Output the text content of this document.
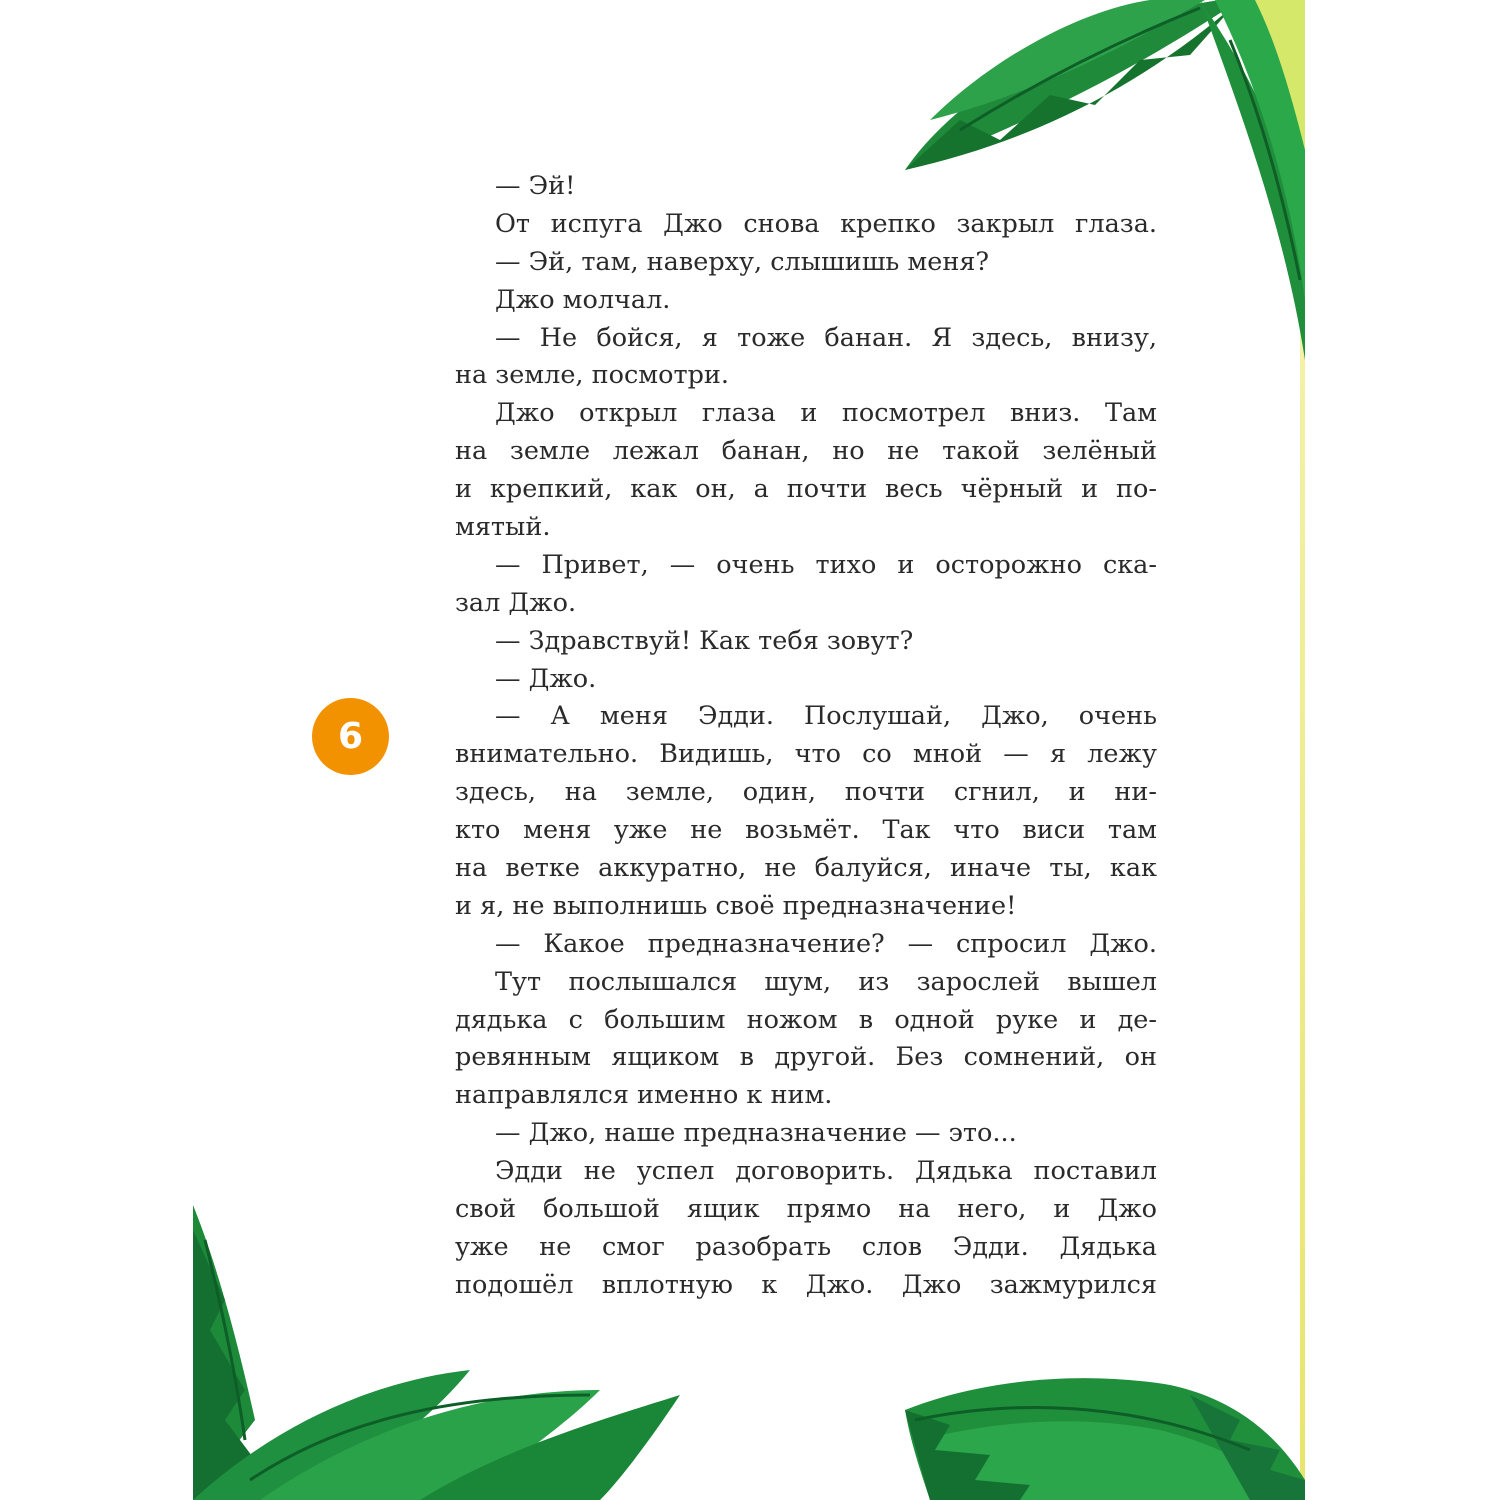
— Эй!
От испуга Джо снова крепко закрыл глаза.
— Эй, там, наверху, слышишь меня?
Джо молчал.
— Не бойся, я тоже банан. Я здесь, внизу,
на земле, посмотри.
Джо открыл глаза и посмотрел вниз. Там
на земле лежал банан, но не такой зелёный
и крепкий, как он, а почти весь чёрный и по-
мятый.
— Привет, — очень тихо и осторожно ска-
зал Джо.
— Здравствуй! Как тебя зовут?
— Джо.
— А меня Эдди. Послушай, Джо, очень
внимательно. Видишь, что со мной — я лежу
здесь, на земле, один, почти сгнил, и ни-
кто меня уже не возьмёт. Так что виси там
на ветке аккуратно, не балуйся, иначе ты, как
и я, не выполнишь своё предназначение!
— Какое предназначение? — спросил Джо.
Тут послышался шум, из зарослей вышел
дядька с большим ножом в одной руке и де-
ревянным ящиком в другой. Без сомнений, он
направлялся именно к ним.
— Джо, наше предназначение — это...
Эдди не успел договорить. Дядька поставил
свой большой ящик прямо на него, и Джо
уже не смог разобрать слов Эдди. Дядька
подошёл вплотную к Джо. Джо зажмурился
6
